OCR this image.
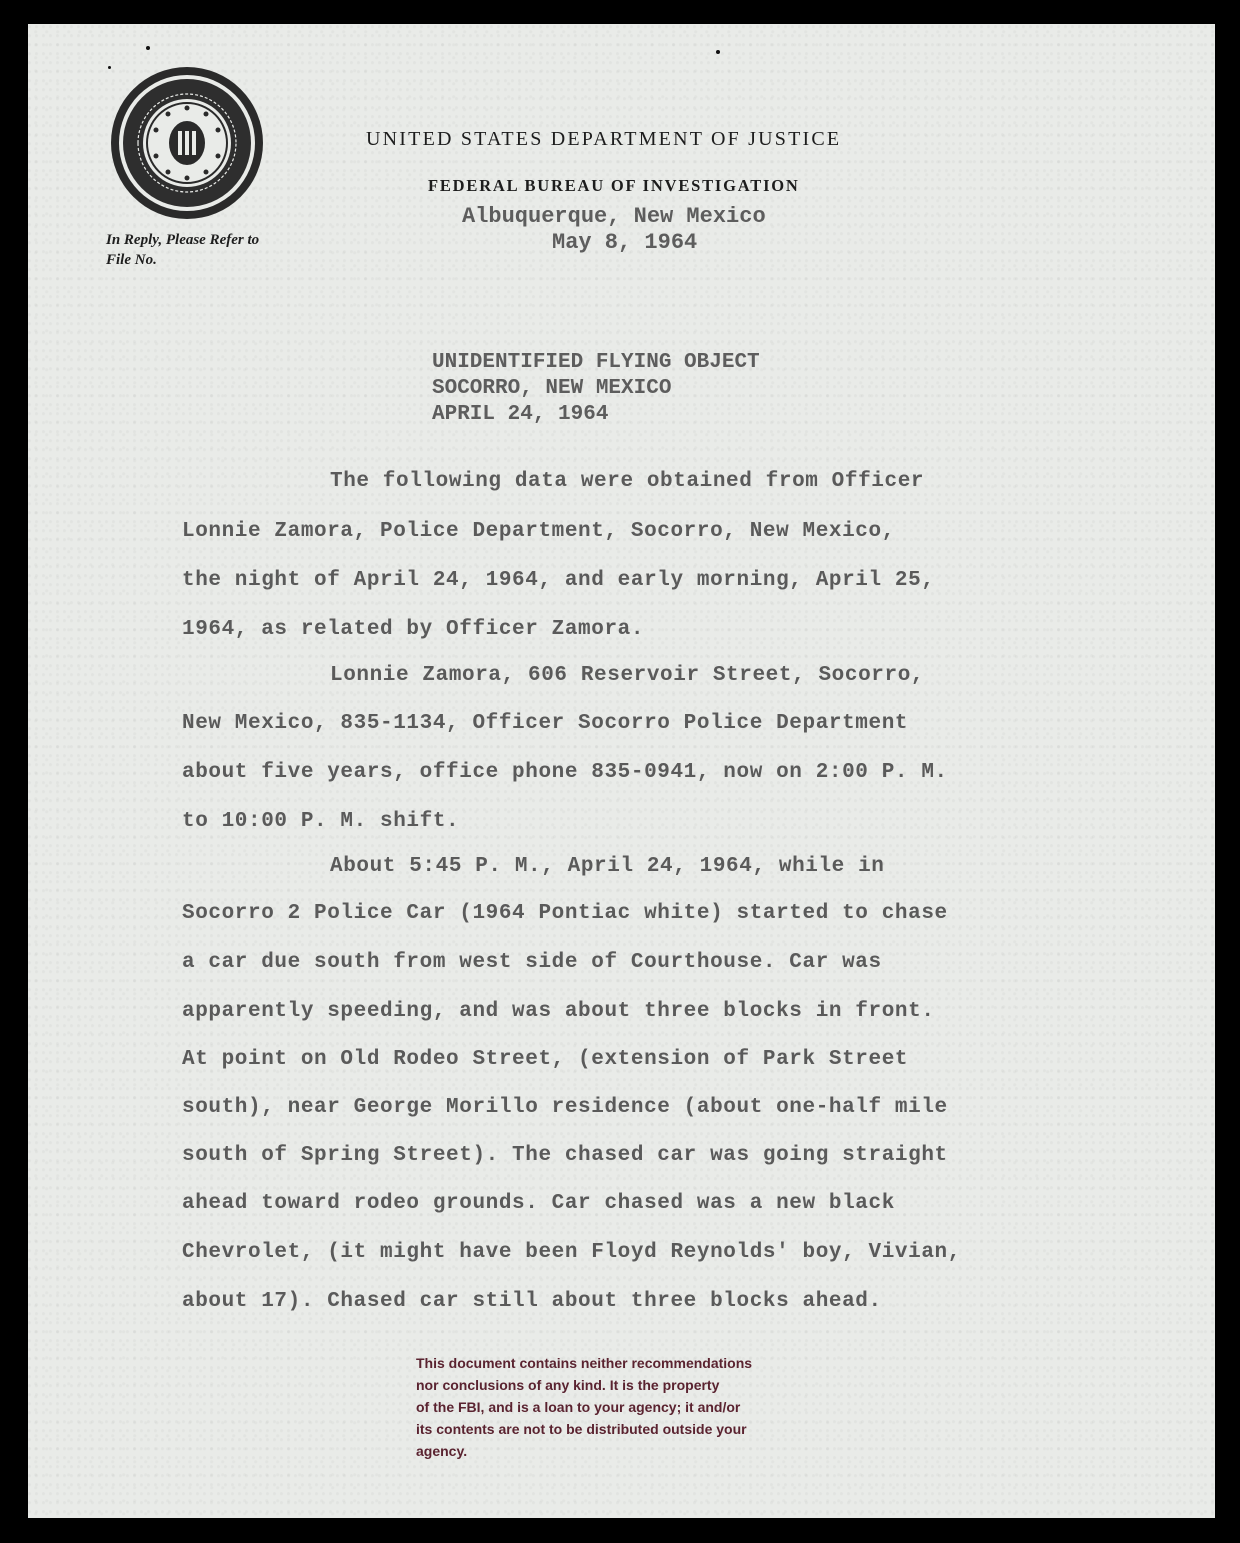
UNITED STATES DEPARTMENT OF JUSTICE
FEDERAL BUREAU OF INVESTIGATION
Albuquerque, New Mexico
May 8, 1964
In Reply, Please Refer to
File No.
UNIDENTIFIED FLYING OBJECT
SOCORRO, NEW MEXICO
APRIL 24, 1964
The following data were obtained from Officer
Lonnie Zamora, Police Department, Socorro, New Mexico,
the night of April 24, 1964, and early morning, April 25,
1964, as related by Officer Zamora.
Lonnie Zamora, 606 Reservoir Street, Socorro,
New Mexico, 835-1134, Officer Socorro Police Department
about five years, office phone 835-0941, now on 2:00 P. M.
to 10:00 P. M. shift.
About 5:45 P. M., April 24, 1964, while in
Socorro 2 Police Car (1964 Pontiac white) started to chase
a car due south from west side of Courthouse. Car was
apparently speeding, and was about three blocks in front.
At point on Old Rodeo Street, (extension of Park Street
south), near George Morillo residence (about one-half mile
south of Spring Street). The chased car was going straight
ahead toward rodeo grounds. Car chased was a new black
Chevrolet, (it might have been Floyd Reynolds' boy, Vivian,
about 17). Chased car still about three blocks ahead.
This document contains neither recommendations
nor conclusions of any kind. It is the property
of the FBI, and is a loan to your agency; it and/or
its contents are not to be distributed outside your
agency.
